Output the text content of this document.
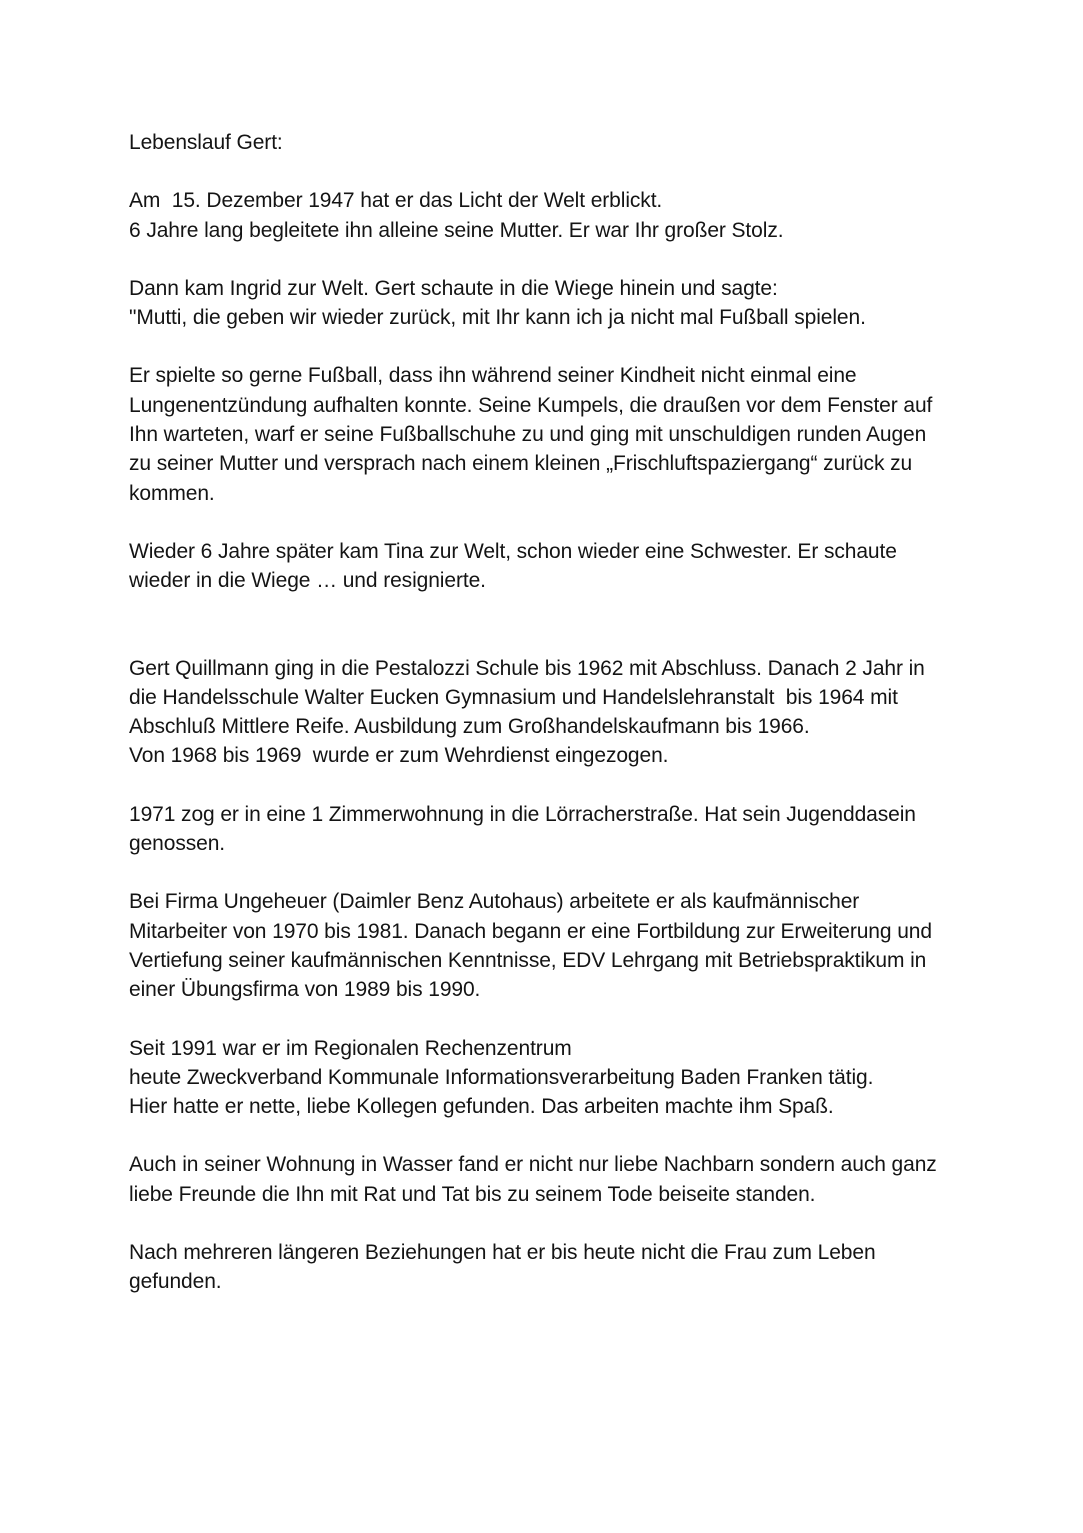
Lebenslauf Gert:
Am  15. Dezember 1947 hat er das Licht der Welt erblickt.
6 Jahre lang begleitete ihn alleine seine Mutter. Er war Ihr großer Stolz.
Dann kam Ingrid zur Welt. Gert schaute in die Wiege hinein und sagte:
"Mutti, die geben wir wieder zurück, mit Ihr kann ich ja nicht mal Fußball spielen.
Er spielte so gerne Fußball, dass ihn während seiner Kindheit nicht einmal eine
Lungenentzündung aufhalten konnte. Seine Kumpels, die draußen vor dem Fenster auf
Ihn warteten, warf er seine Fußballschuhe zu und ging mit unschuldigen runden Augen
zu seiner Mutter und versprach nach einem kleinen „Frischluftspaziergang“ zurück zu
kommen.
Wieder 6 Jahre später kam Tina zur Welt, schon wieder eine Schwester. Er schaute
wieder in die Wiege … und resignierte.
Gert Quillmann ging in die Pestalozzi Schule bis 1962 mit Abschluss. Danach 2 Jahr in
die Handelsschule Walter Eucken Gymnasium und Handelslehranstalt  bis 1964 mit
Abschluß Mittlere Reife. Ausbildung zum Großhandelskaufmann bis 1966.
Von 1968 bis 1969  wurde er zum Wehrdienst eingezogen.
1971 zog er in eine 1 Zimmerwohnung in die Lörracherstraße. Hat sein Jugenddasein
genossen.
Bei Firma Ungeheuer (Daimler Benz Autohaus) arbeitete er als kaufmännischer
Mitarbeiter von 1970 bis 1981. Danach begann er eine Fortbildung zur Erweiterung und
Vertiefung seiner kaufmännischen Kenntnisse, EDV Lehrgang mit Betriebspraktikum in
einer Übungsfirma von 1989 bis 1990.
Seit 1991 war er im Regionalen Rechenzentrum
heute Zweckverband Kommunale Informationsverarbeitung Baden Franken tätig.
Hier hatte er nette, liebe Kollegen gefunden. Das arbeiten machte ihm Spaß.
Auch in seiner Wohnung in Wasser fand er nicht nur liebe Nachbarn sondern auch ganz
liebe Freunde die Ihn mit Rat und Tat bis zu seinem Tode beiseite standen.
Nach mehreren längeren Beziehungen hat er bis heute nicht die Frau zum Leben
gefunden.
